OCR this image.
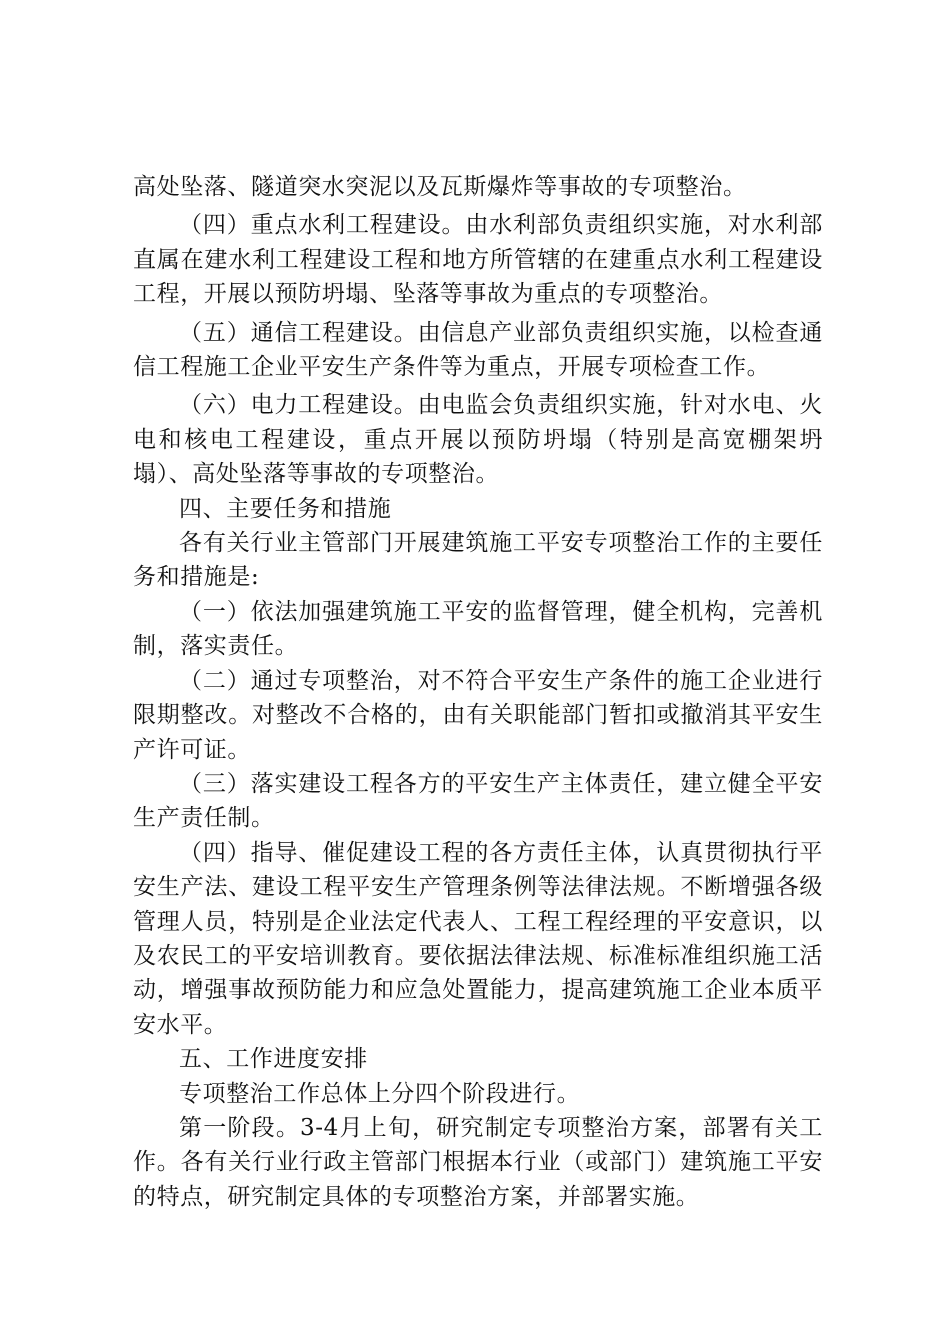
高处坠落、隧道突水突泥以及瓦斯爆炸等事故的专项整治。

（四）重点水利工程建设。由水利部负责组织实施，对水利部直属在建水利工程建设工程和地方所管辖的在建重点水利工程建设工程，开展以预防坍塌、坠落等事故为重点的专项整治。

（五）通信工程建设。由信息产业部负责组织实施，以检查通信工程施工企业平安生产条件等为重点，开展专项检查工作。

（六）电力工程建设。由电监会负责组织实施，针对水电、火电和核电工程建设，重点开展以预防坍塌（特别是高宽棚架坍塌）、高处坠落等事故的专项整治。

四、主要任务和措施

各有关行业主管部门开展建筑施工平安专项整治工作的主要任务和措施是:

（一）依法加强建筑施工平安的监督管理，健全机构，完善机制，落实责任。

（二）通过专项整治，对不符合平安生产条件的施工企业进行限期整改。对整改不合格的，由有关职能部门暂扣或撤消其平安生产许可证。

（三）落实建设工程各方的平安生产主体责任，建立健全平安生产责任制。

（四）指导、催促建设工程的各方责任主体，认真贯彻执行平安生产法、建设工程平安生产管理条例等法律法规。不断增强各级管理人员，特别是企业法定代表人、工程工程经理的平安意识，以及农民工的平安培训教育。要依据法律法规、标准标准组织施工活动，增强事故预防能力和应急处置能力，提高建筑施工企业本质平安水平。

五、工作进度安排

专项整治工作总体上分四个阶段进行。

第一阶段。3-4月上旬，研究制定专项整治方案，部署有关工作。各有关行业行政主管部门根据本行业（或部门）建筑施工平安的特点，研究制定具体的专项整治方案，并部署实施。
